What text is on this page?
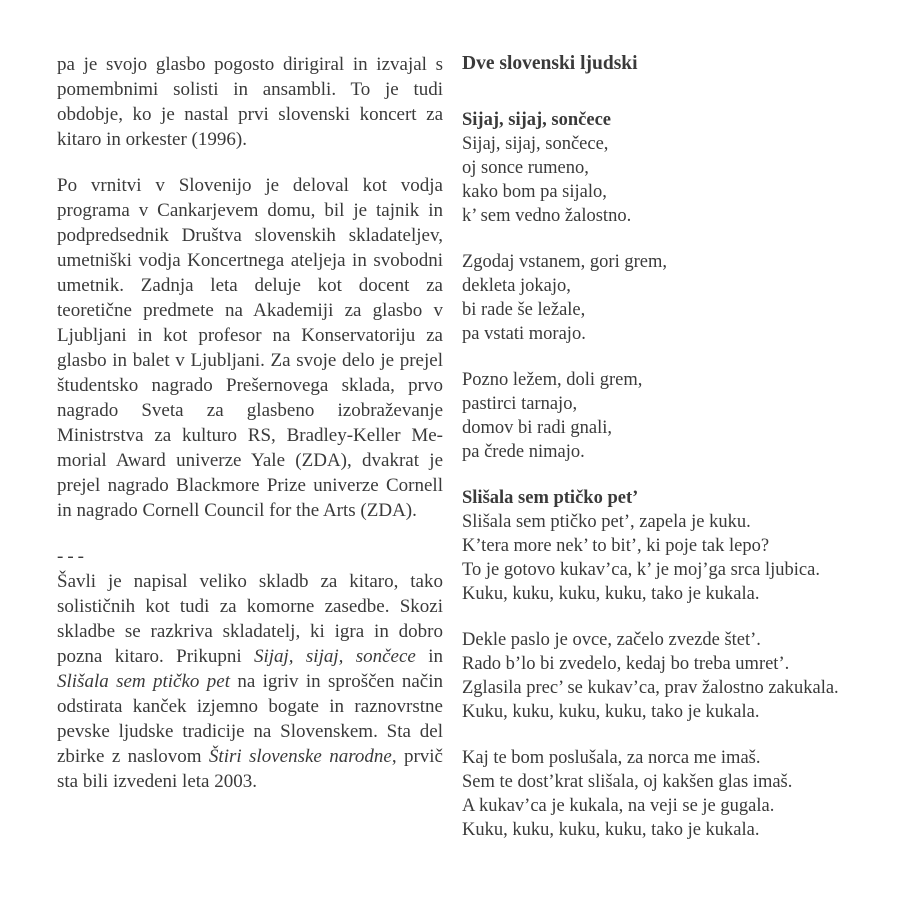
pa je svojo glasbo pogosto dirigiral in izvajal s pomembnimi solisti in ansambli. To je tudi obdobje, ko je nastal prvi slovenski koncert za kitaro in orkester (1996).

Po vrnitvi v Slovenijo je deloval kot vodja programa v Cankarjevem domu, bil je tajnik in podpredsednik Društva slovenskih skladateljev, umetniški vodja Koncertnega ateljeja in svobodni umetnik. Zadnja leta deluje kot docent za teoretične predmete na Akademiji za glasbo v Ljubljani in kot profesor na Konservatoriju za glasbo in balet v Ljubljani. Za svoje delo je prejel študentsko nagrado Prešernovega sklada, prvo nagrado Sveta za glasbeno izobraževanje Ministrstva za kulturo RS, Bradley-Keller Memorial Award univerze Yale (ZDA), dvakrat je prejel nagrado Blackmore Prize univerze Cornell in nagrado Cornell Council for the Arts (ZDA).

---

Šavli je napisal veliko skladb za kitaro, tako solističnih kot tudi za komorne zasedbe. Skozi skladbe se razkriva skladatelj, ki igra in dobro pozna kitaro. Prikupni Sijaj, sijaj, sončece in Slišala sem ptičko pet na igriv in sproščen način odstirata kanček izjemno bogate in raznovrstne pevske ljudske tradicije na Slovenskem. Sta del zbirke z naslovom Štiri slovenske narodne, prvič sta bili izvedeni leta 2003.

Dve slovenski ljudski
Sijaj, sijaj, sončece
Sijaj, sijaj, sončece,
oj sonce rumeno,
kako bom pa sijalo,
k’ sem vedno žalostno.
Zgodaj vstanem, gori grem,
dekleta jokajo,
bi rade še ležale,
pa vstati morajo.
Pozno ležem, doli grem,
pastirci tarnajo,
domov bi radi gnali,
pa črede nimajo.
Slišala sem ptičko pet’
Slišala sem ptičko pet’, zapela je kuku.
K’tera more nek’ to bit’, ki poje tak lepo?
To je gotovo kukav’ca, k’ je moj’ga srca ljubica.
Kuku, kuku, kuku, kuku, tako je kukala.
Dekle paslo je ovce, začelo zvezde štet’.
Rado b’lo bi zvedelo, kedaj bo treba umret’.
Zglasila prec’ se kukav’ca, prav žalostno zakukala.
Kuku, kuku, kuku, kuku, tako je kukala.
Kaj te bom poslušala, za norca me imaš.
Sem te dost’krat slišala, oj kakšen glas imaš.
A kukav’ca je kukala, na veji se je gugala.
Kuku, kuku, kuku, kuku, tako je kukala.
